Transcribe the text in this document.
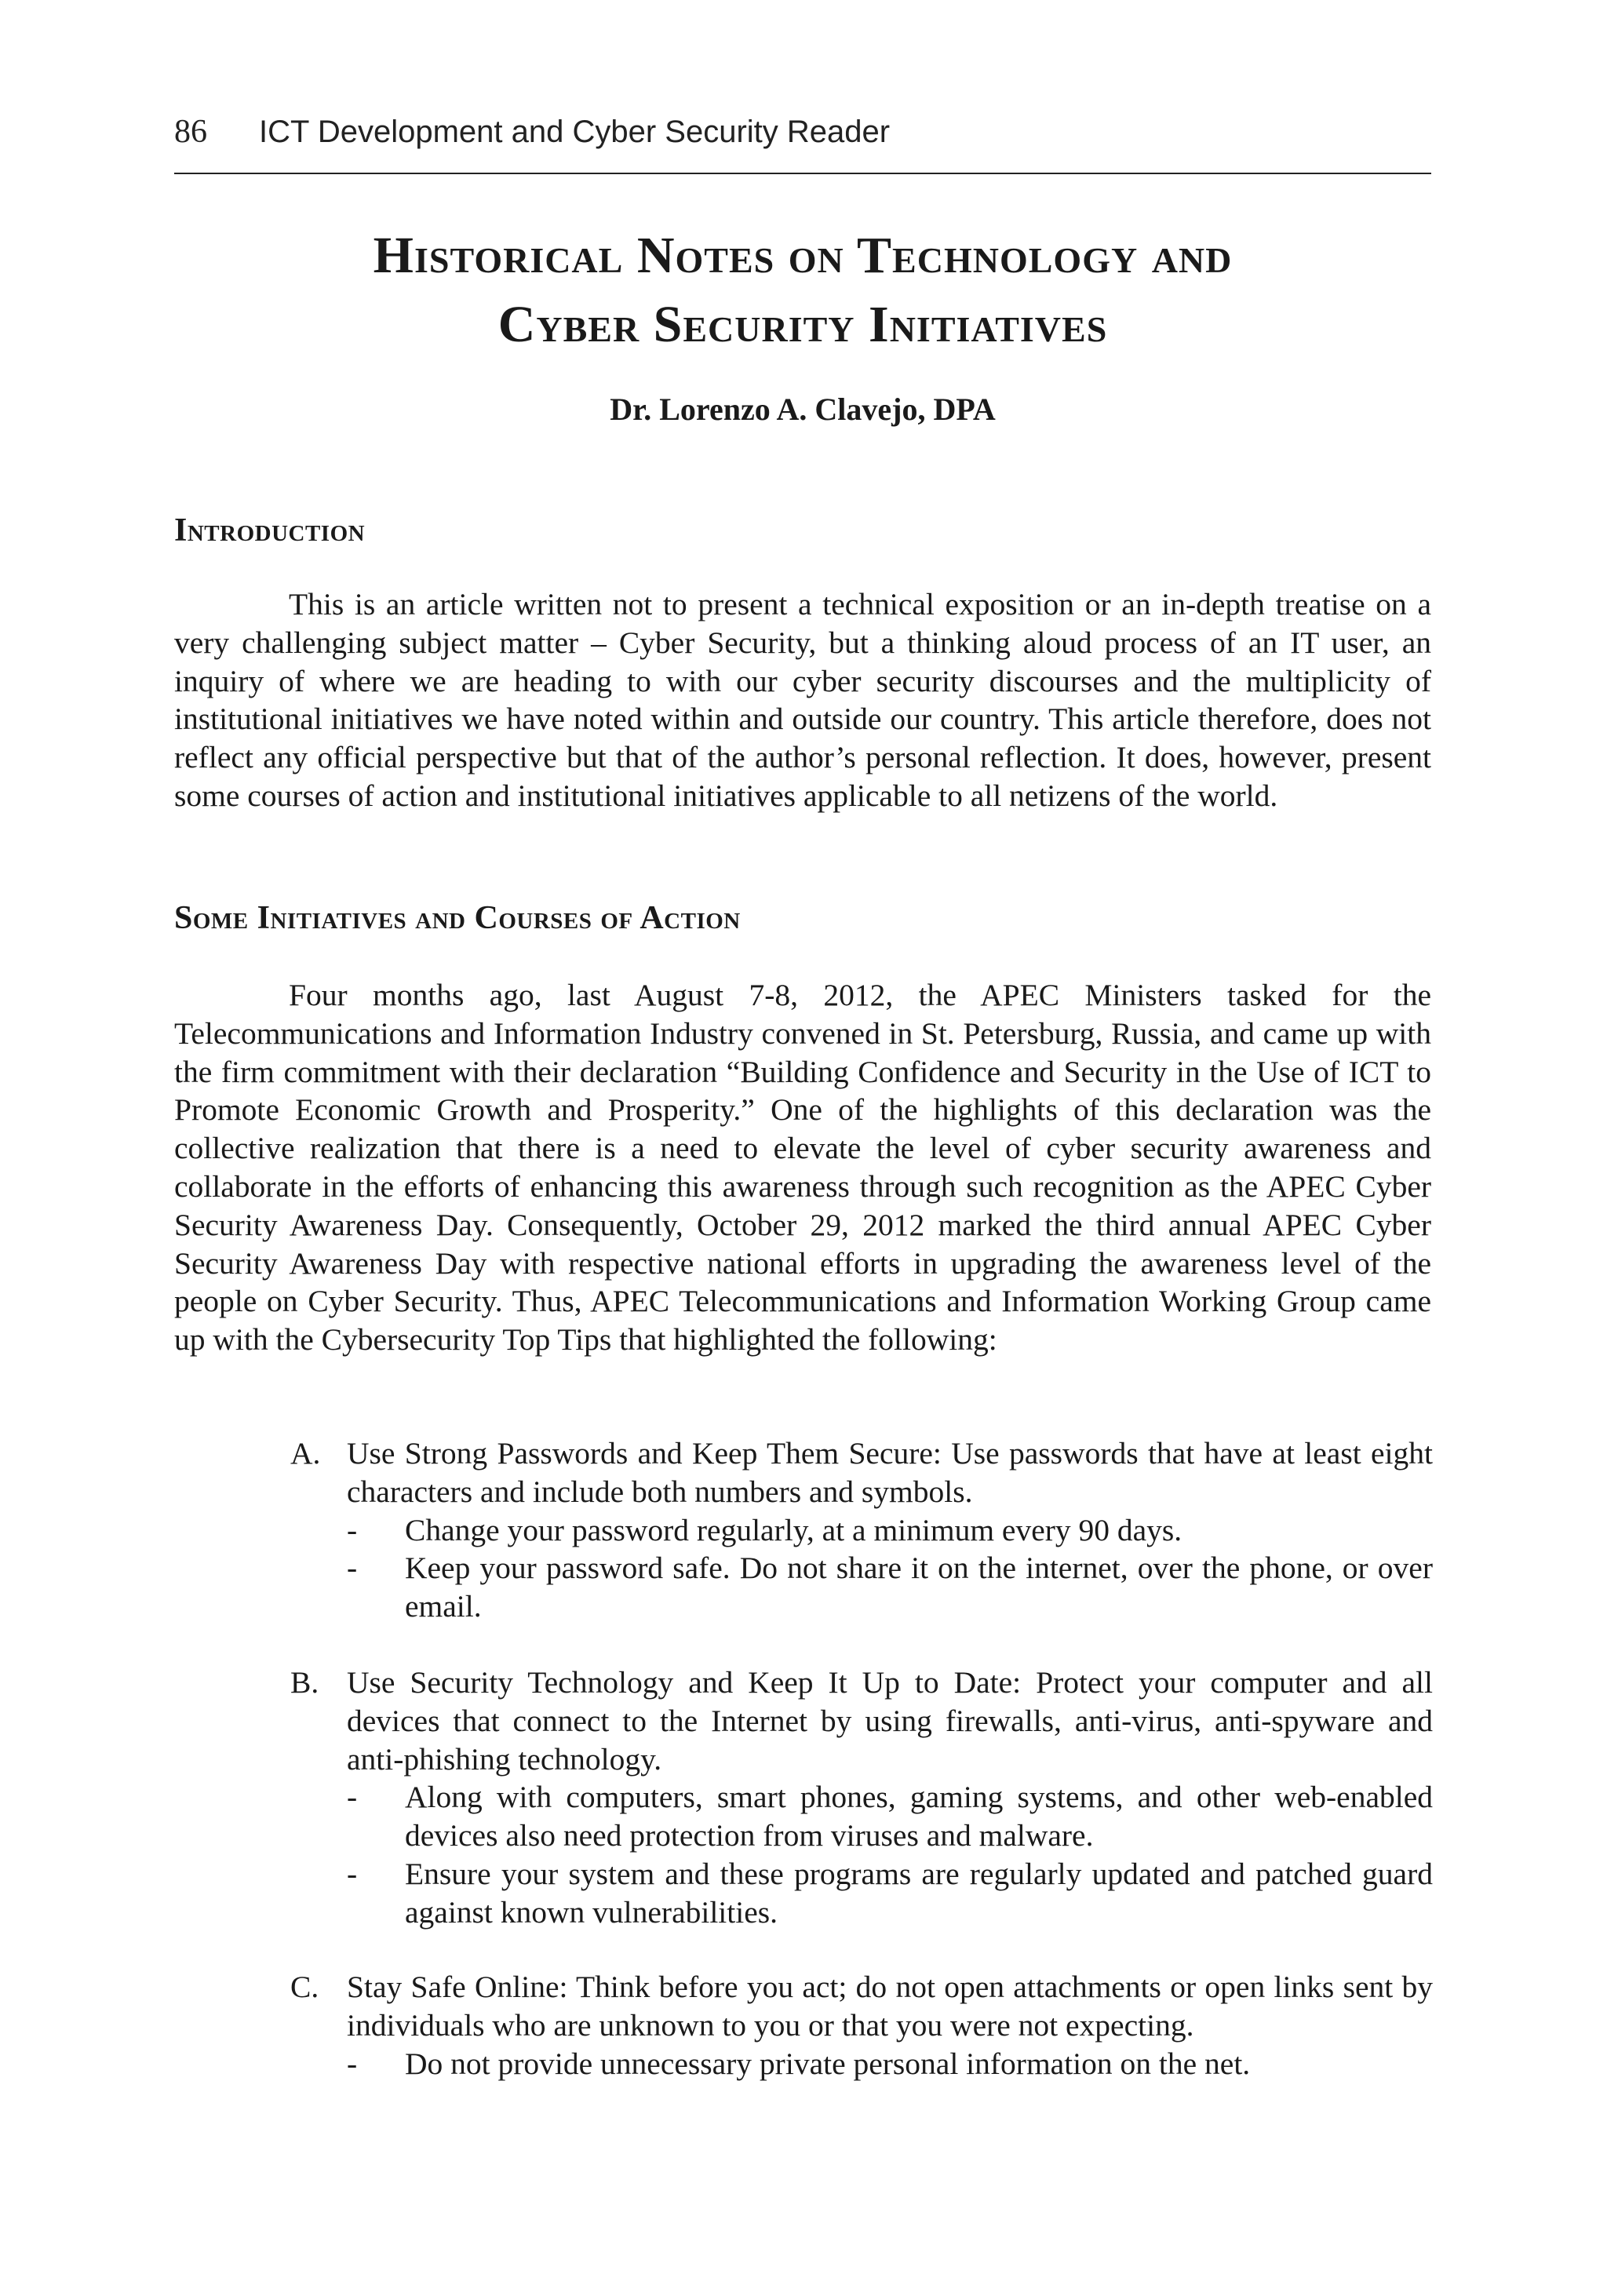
86 ICT Development and Cyber Security Reader
Historical Notes on Technology and
Cyber Security Initiatives
Dr. Lorenzo A. Clavejo, DPA
Introduction

This is an article written not to present a technical exposition or an in-depth treatise on a very challenging subject matter – Cyber Security, but a thinking aloud process of an IT user, an inquiry of where we are heading to with our cyber security discourses and the multiplicity of institutional initiatives we have noted within and outside our country. This article therefore, does not reflect any official perspective but that of the author’s personal reflection. It does, however, present some courses of action and institutional initiatives applicable to all netizens of the world.

Some Initiatives and Courses of Action

Four months ago, last August 7-8, 2012, the APEC Ministers tasked for the Telecommunications and Information Industry convened in St. Petersburg, Russia, and came up with the firm commitment with their declaration “Building Confidence and Security in the Use of ICT to Promote Economic Growth and Prosperity.” One of the highlights of this declaration was the collective realization that there is a need to elevate the level of cyber security awareness and collaborate in the efforts of enhancing this awareness through such recognition as the APEC Cyber Security Awareness Day. Consequently, October 29, 2012 marked the third annual APEC Cyber Security Awareness Day with respective national efforts in upgrading the awareness level of the people on Cyber Security. Thus, APEC Telecommunications and Information Working Group came up with the Cybersecurity Top Tips that highlighted the following:

A. Use Strong Passwords and Keep Them Secure: Use passwords that have at least eight characters and include both numbers and symbols.
- Change your password regularly, at a minimum every 90 days.
- Keep your password safe. Do not share it on the internet, over the phone, or over email.
B. Use Security Technology and Keep It Up to Date: Protect your computer and all devices that connect to the Internet by using firewalls, anti-virus, anti-spyware and anti-phishing technology.
- Along with computers, smart phones, gaming systems, and other web-enabled devices also need protection from viruses and malware.
- Ensure your system and these programs are regularly updated and patched guard against known vulnerabilities.
C. Stay Safe Online: Think before you act; do not open attachments or open links sent by individuals who are unknown to you or that you were not expecting.
- Do not provide unnecessary private personal information on the net.
